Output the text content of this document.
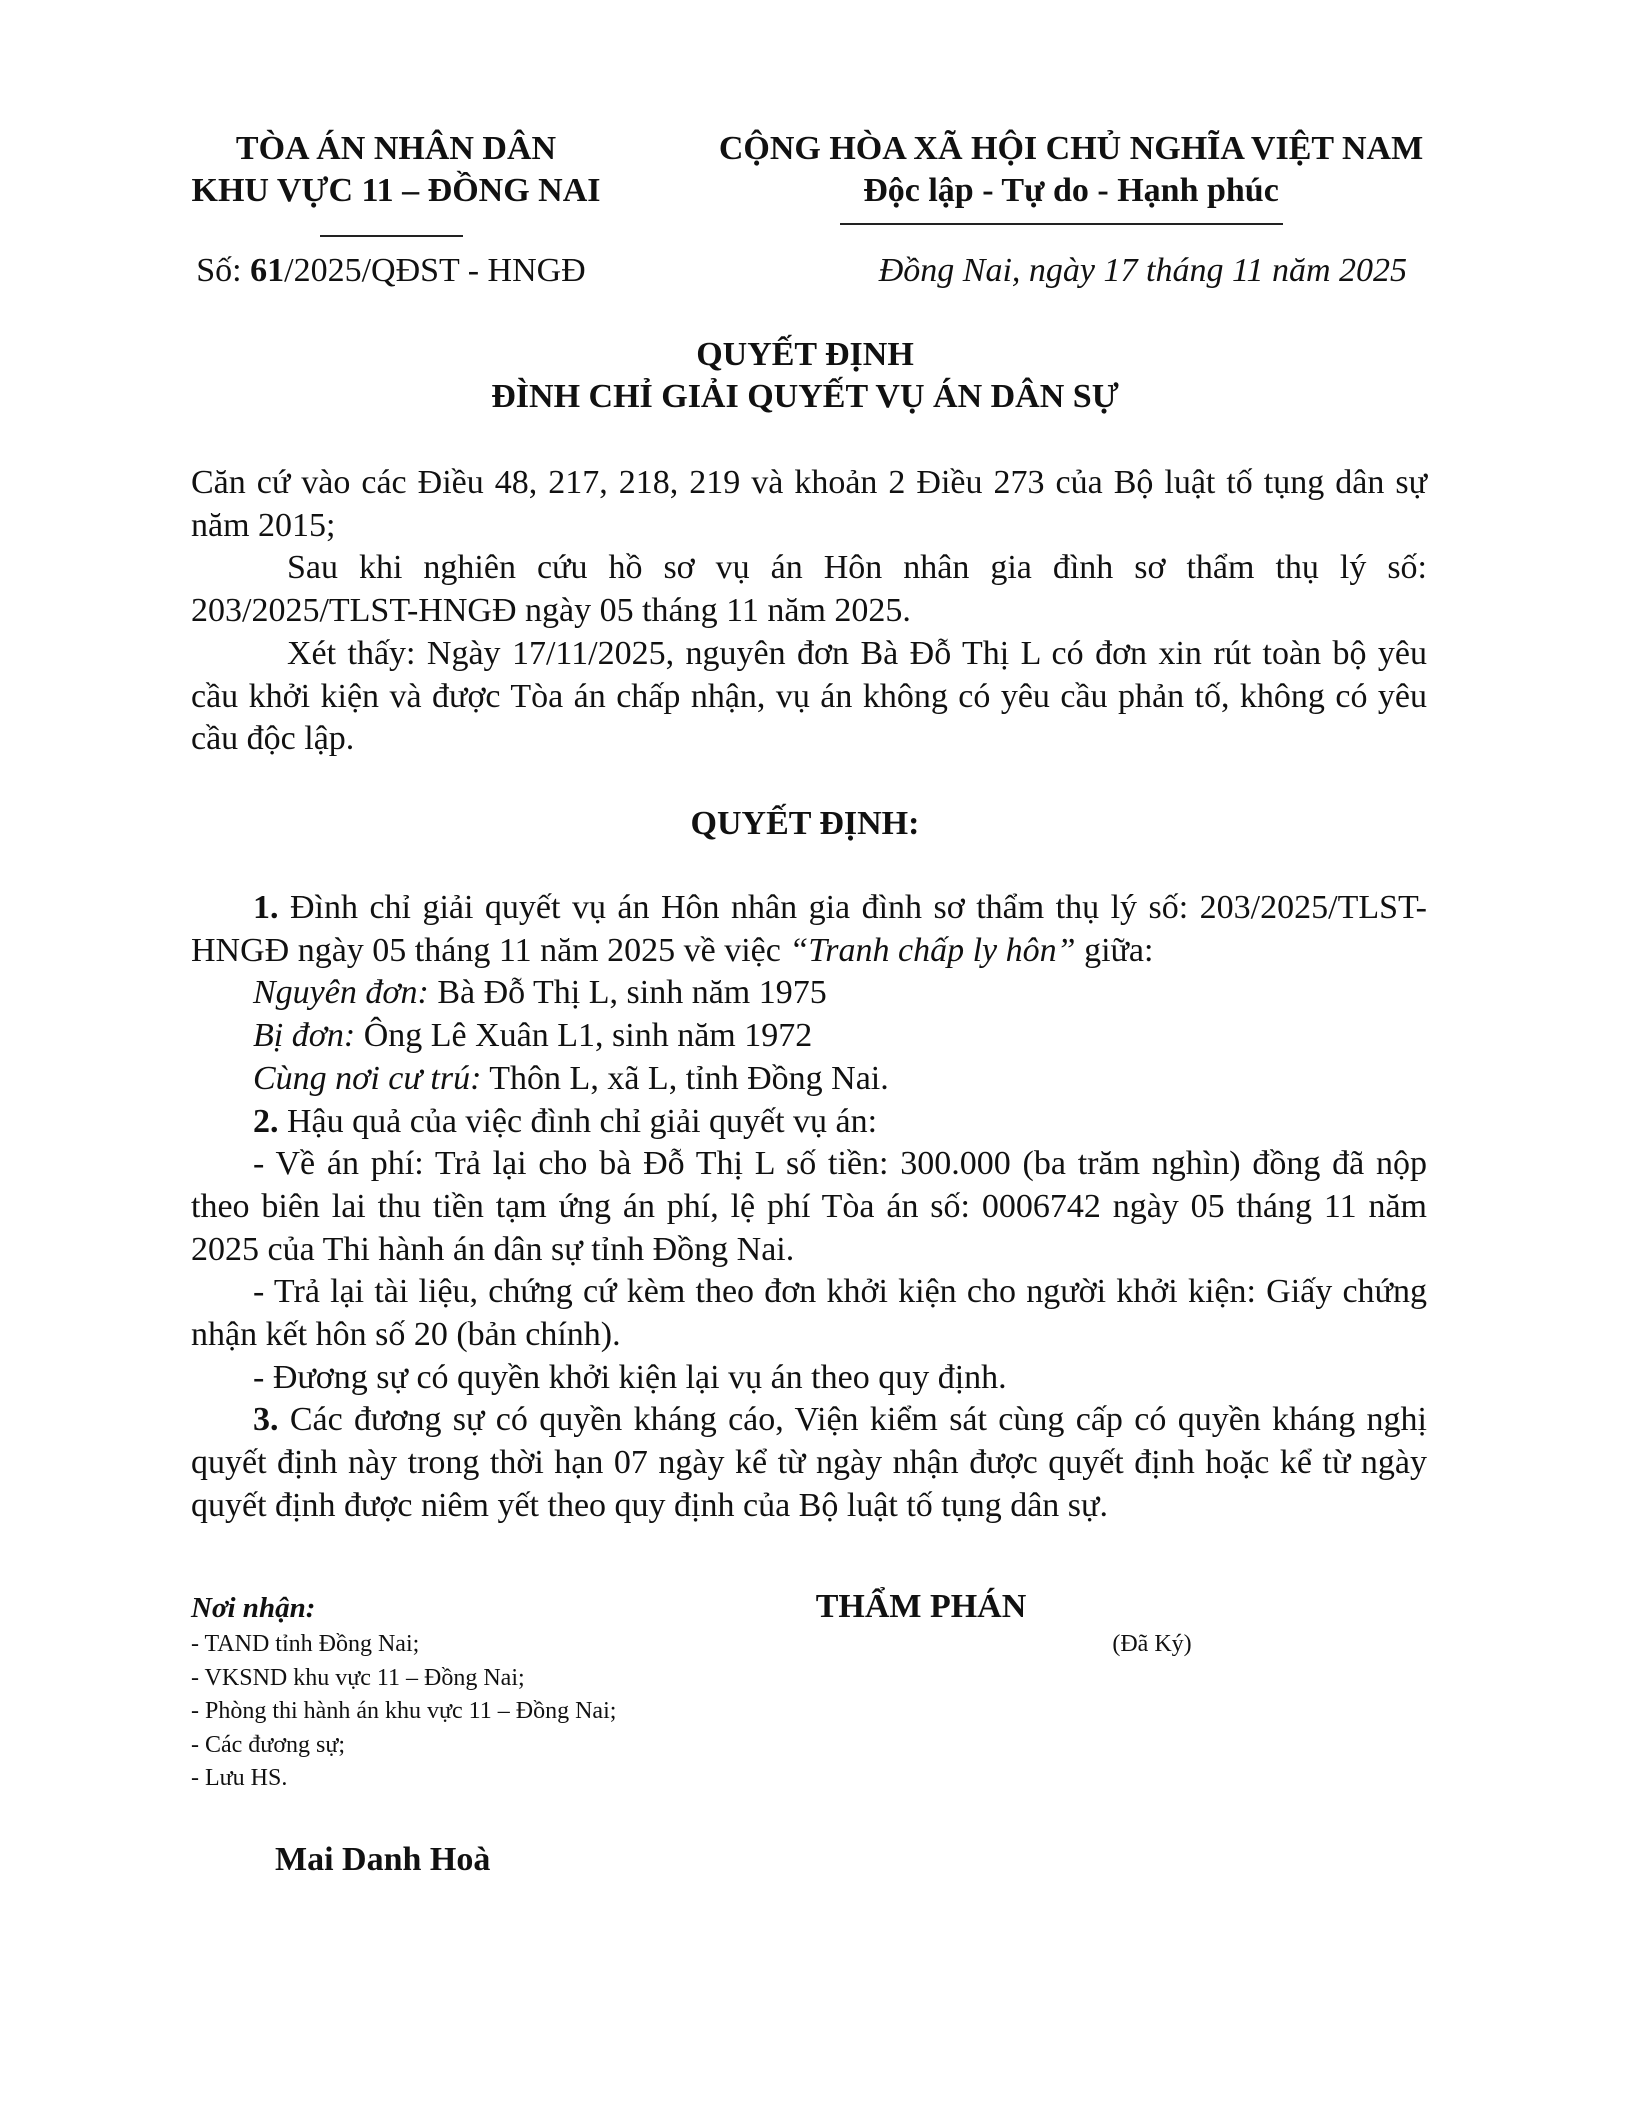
TÒA ÁN NHÂN DÂN
KHU VỰC 11 – ĐỒNG NAI
CỘNG HÒA XÃ HỘI CHỦ NGHĨA VIỆT NAM
Độc lập - Tự do - Hạnh phúc
Số: 61/2025/QĐST - HNGĐ	Đồng Nai, ngày 17 tháng 11 năm 2025
QUYẾT ĐỊNH
ĐÌNH CHỈ GIẢI QUYẾT VỤ ÁN DÂN SỰ

Căn cứ vào các Điều 48, 217, 218, 219 và khoản 2 Điều 273 của Bộ luật tố tụng dân sự năm 2015;

Sau khi nghiên cứu hồ sơ vụ án Hôn nhân gia đình sơ thẩm thụ lý số: 203/2025/TLST-HNGĐ ngày 05 tháng 11 năm 2025.

Xét thấy: Ngày 17/11/2025, nguyên đơn Bà Đỗ Thị L có đơn xin rút toàn bộ yêu cầu khởi kiện và được Tòa án chấp nhận, vụ án không có yêu cầu phản tố, không có yêu cầu độc lập.

QUYẾT ĐỊNH:

1. Đình chỉ giải quyết vụ án Hôn nhân gia đình sơ thẩm thụ lý số: 203/2025/TLST-HNGĐ ngày 05 tháng 11 năm 2025 về việc “Tranh chấp ly hôn” giữa:

Nguyên đơn: Bà Đỗ Thị L, sinh năm 1975

Bị đơn: Ông Lê Xuân L1, sinh năm 1972

Cùng nơi cư trú: Thôn L, xã L, tỉnh Đồng Nai.

2. Hậu quả của việc đình chỉ giải quyết vụ án:

- Về án phí: Trả lại cho bà Đỗ Thị L số tiền: 300.000 (ba trăm nghìn) đồng đã nộp theo biên lai thu tiền tạm ứng án phí, lệ phí Tòa án số: 0006742 ngày 05 tháng 11 năm 2025 của Thi hành án dân sự tỉnh Đồng Nai.

- Trả lại tài liệu, chứng cứ kèm theo đơn khởi kiện cho người khởi kiện: Giấy chứng nhận kết hôn số 20 (bản chính).

- Đương sự có quyền khởi kiện lại vụ án theo quy định.

3. Các đương sự có quyền kháng cáo, Viện kiểm sát cùng cấp có quyền kháng nghị quyết định này trong thời hạn 07 ngày kể từ ngày nhận được quyết định hoặc kể từ ngày quyết định được niêm yết theo quy định của Bộ luật tố tụng dân sự.

Nơi nhận:
- TAND tỉnh Đồng Nai;
- VKSND khu vực 11 – Đồng Nai;
- Phòng thi hành án khu vực 11 – Đồng Nai;
- Các đương sự;
- Lưu HS.
THẨM PHÁN
(Đã Ký)
Mai Danh Hoà
